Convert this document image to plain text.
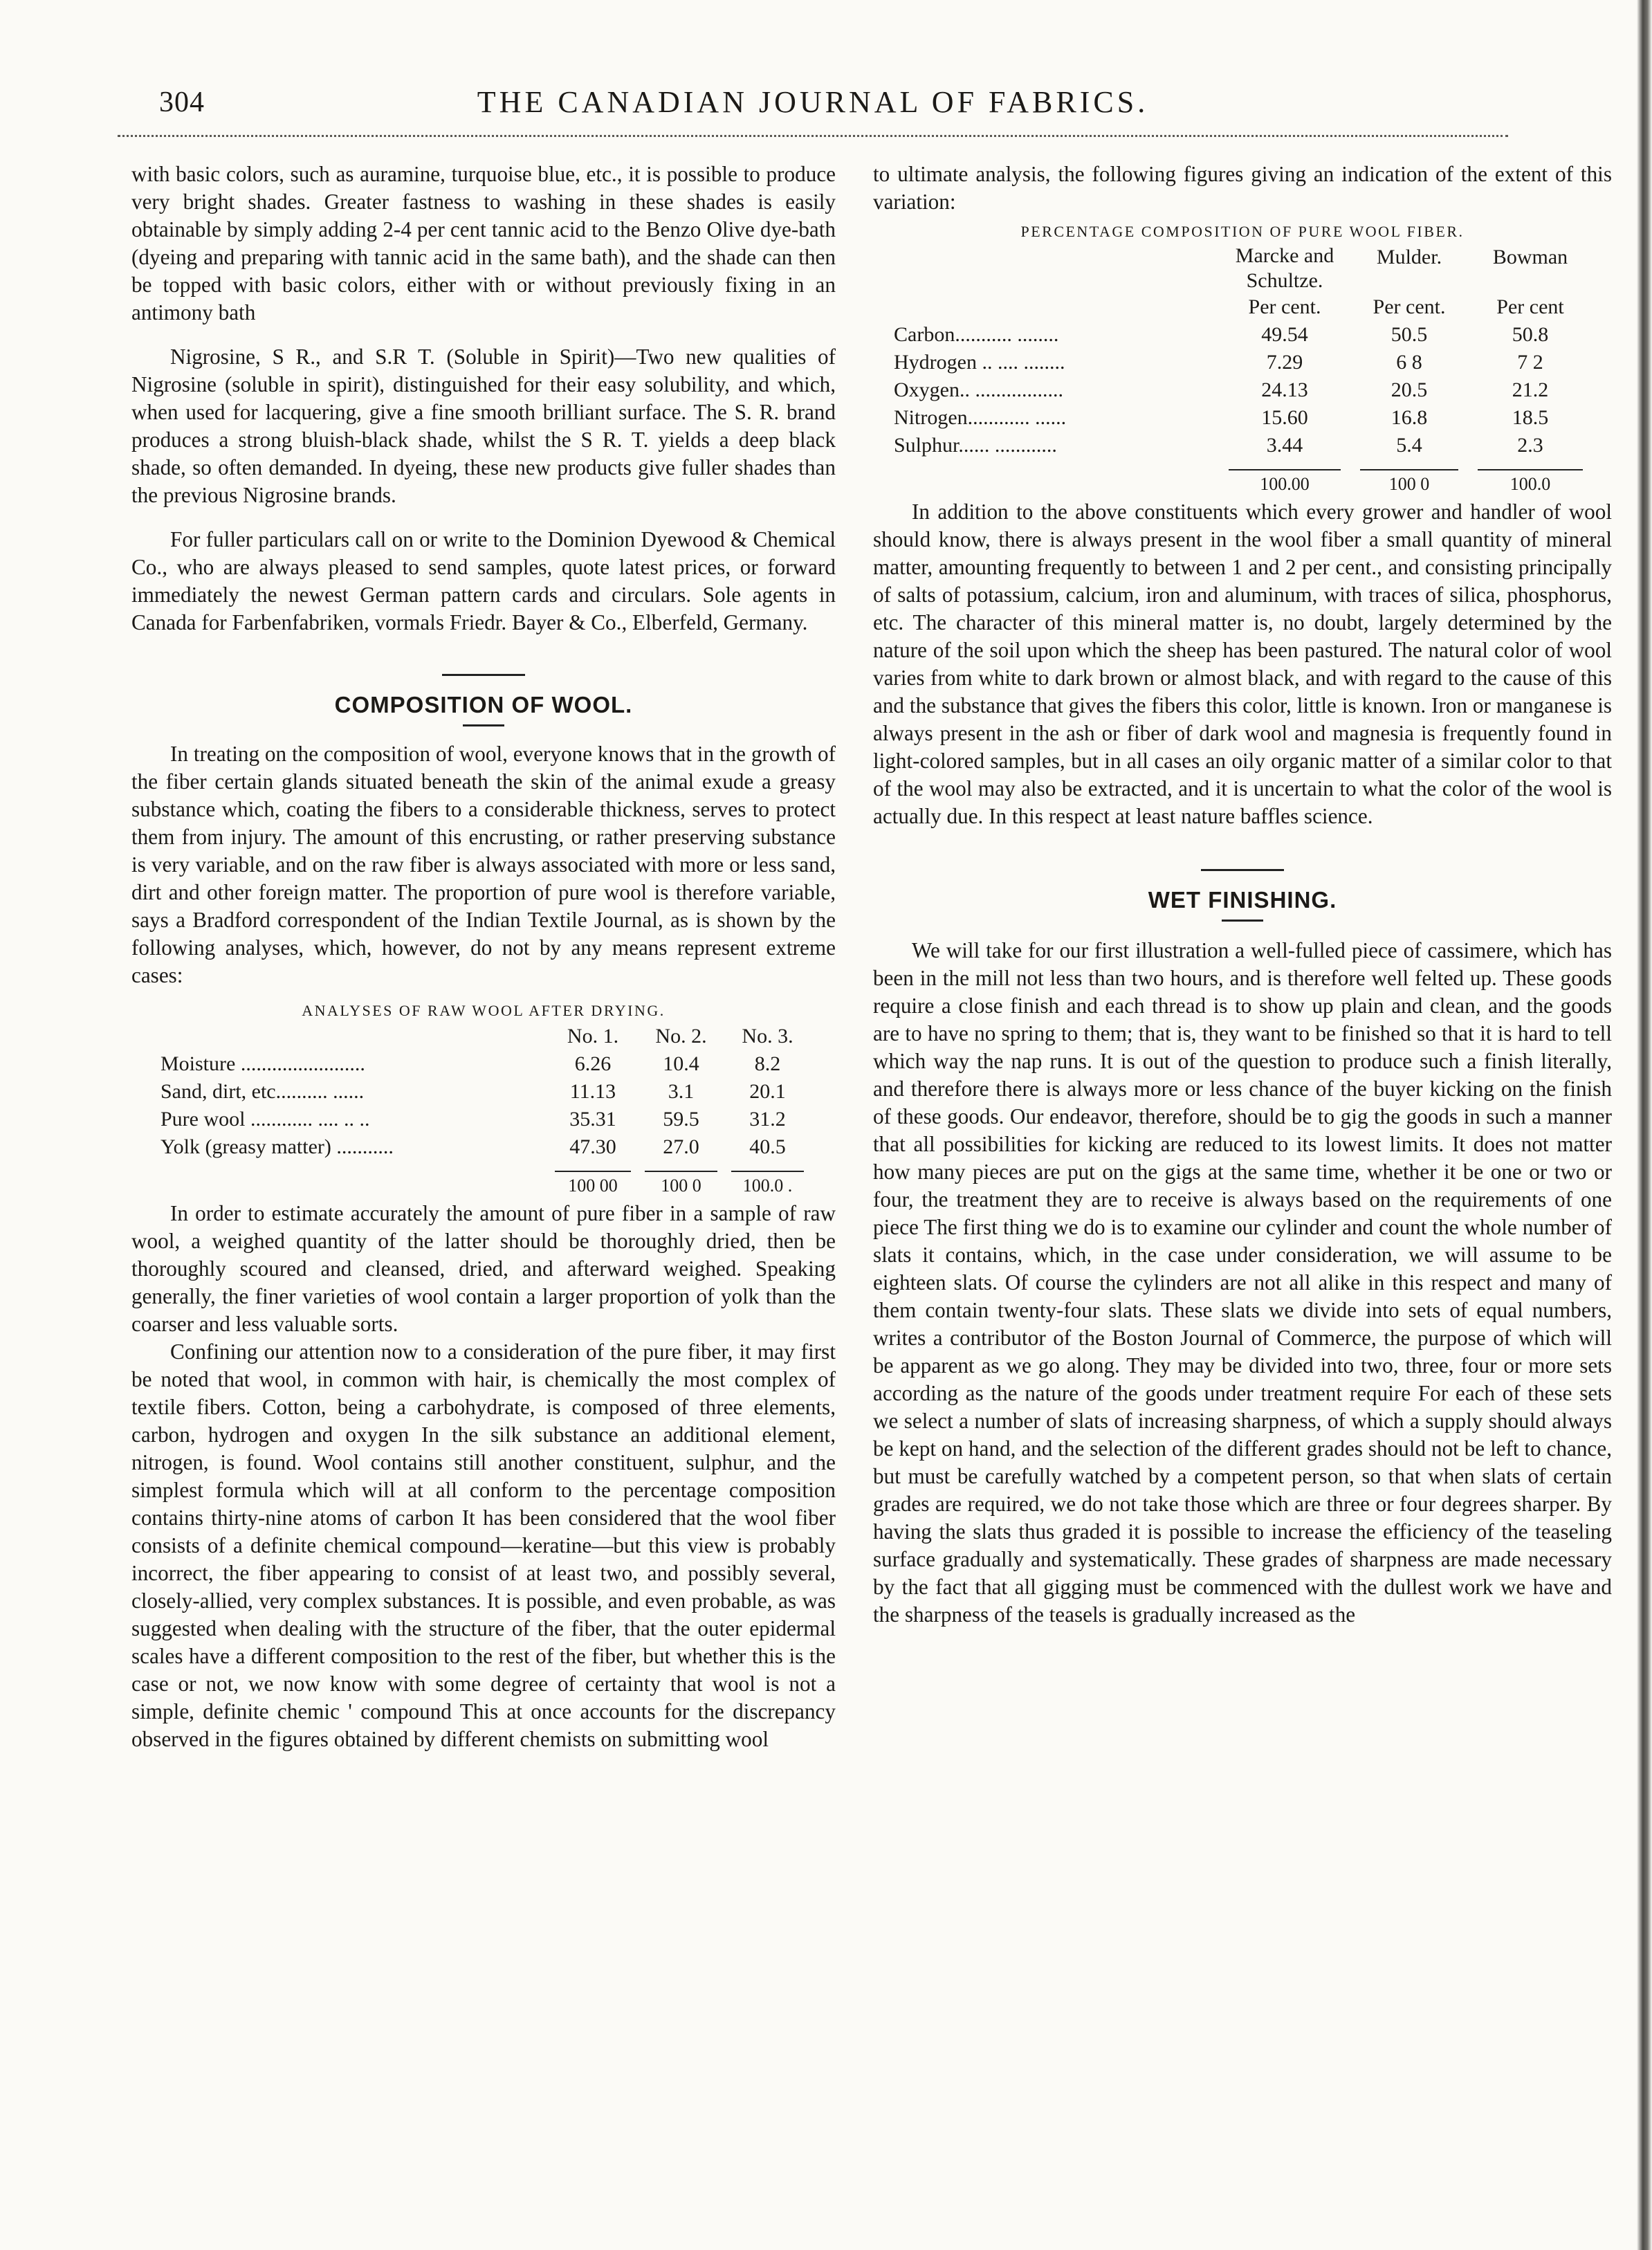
304	THE CANADIAN JOURNAL OF FABRICS.

with basic colors, such as auramine, turquoise blue, etc., it is possible to produce very bright shades. Greater fastness to washing in these shades is easily obtainable by simply adding 2-4 per cent tannic acid to the Benzo Olive dye-bath (dyeing and preparing with tannic acid in the same bath), and the shade can then be topped with basic colors, either with or without previously fixing in an antimony bath

Nigrosine, S R., and S.R T. (Soluble in Spirit)—Two new qualities of Nigrosine (soluble in spirit), distinguished for their easy solubility, and which, when used for lacquering, give a fine smooth brilliant surface. The S. R. brand produces a strong bluish-black shade, whilst the S R. T. yields a deep black shade, so often demanded. In dyeing, these new products give fuller shades than the previous Nigrosine brands.

For fuller particulars call on or write to the Dominion Dyewood & Chemical Co., who are always pleased to send samples, quote latest prices, or forward immediately the newest German pattern cards and circulars. Sole agents in Canada for Farbenfabriken, vormals Friedr. Bayer & Co., Elberfeld, Germany.

COMPOSITION OF WOOL.

In treating on the composition of wool, everyone knows that in the growth of the fiber certain glands situated beneath the skin of the animal exude a greasy substance which, coating the fibers to a considerable thickness, serves to protect them from injury. The amount of this encrusting, or rather preserving substance is very variable, and on the raw fiber is always associated with more or less sand, dirt and other foreign matter. The proportion of pure wool is therefore variable, says a Bradford correspondent of the Indian Textile Journal, as is shown by the following analyses, which, however, do not by any means represent extreme cases:

ANALYSES OF RAW WOOL AFTER DRYING.

	No. 1.	No. 2.	No. 3.
Moisture ........................	6.26	10.4	8.2
Sand, dirt, etc.......... ......	11.13	3.1	20.1
Pure wool ............ .... .. ..	35.31	59.5	31.2
Yolk (greasy matter) ...........	47.30	27.0	40.5

	100 00	100 0	100.0 .

In order to estimate accurately the amount of pure fiber in a sample of raw wool, a weighed quantity of the latter should be thoroughly dried, then be thoroughly scoured and cleansed, dried, and afterward weighed. Speaking generally, the finer varieties of wool contain a larger proportion of yolk than the coarser and less valuable sorts.

Confining our attention now to a consideration of the pure fiber, it may first be noted that wool, in common with hair, is chemically the most complex of textile fibers. Cotton, being a carbohydrate, is composed of three elements, carbon, hydrogen and oxygen In the silk substance an additional element, nitrogen, is found. Wool contains still another constituent, sulphur, and the simplest formula which will at all conform to the percentage composition contains thirty-nine atoms of carbon It has been considered that the wool fiber consists of a definite chemical compound—keratine—but this view is probably incorrect, the fiber appearing to consist of at least two, and possibly several, closely-allied, very complex substances. It is possible, and even probable, as was suggested when dealing with the structure of the fiber, that the outer epidermal scales have a different composition to the rest of the fiber, but whether this is the case or not, we now know with some degree of certainty that wool is not a simple, definite chemic ' compound This at once accounts for the discrepancy observed in the figures obtained by different chemists on submitting wool

to ultimate analysis, the following figures giving an indication of the extent of this variation:

PERCENTAGE COMPOSITION OF PURE WOOL FIBER.

	Marcke and Schultze.	Mulder.	Bowman
	Per cent.	Per cent.	Per cent
Carbon........... ........	49.54	50.5	50.8
Hydrogen .. .... ........	7.29	6 8	7 2
Oxygen.. .................	24.13	20.5	21.2
Nitrogen............ ......	15.60	16.8	18.5
Sulphur...... ............	3.44	5.4	2.3

	100.00	100 0	100.0

In addition to the above constituents which every grower and handler of wool should know, there is always present in the wool fiber a small quantity of mineral matter, amounting frequently to between 1 and 2 per cent., and consisting principally of salts of potassium, calcium, iron and aluminum, with traces of silica, phosphorus, etc. The character of this mineral matter is, no doubt, largely determined by the nature of the soil upon which the sheep has been pastured. The natural color of wool varies from white to dark brown or almost black, and with regard to the cause of this and the substance that gives the fibers this color, little is known. Iron or manganese is always present in the ash or fiber of dark wool and magnesia is frequently found in light-colored samples, but in all cases an oily organic matter of a similar color to that of the wool may also be extracted, and it is uncertain to what the color of the wool is actually due. In this respect at least nature baffles science.

WET FINISHING.

We will take for our first illustration a well-fulled piece of cassimere, which has been in the mill not less than two hours, and is therefore well felted up. These goods require a close finish and each thread is to show up plain and clean, and the goods are to have no spring to them; that is, they want to be finished so that it is hard to tell which way the nap runs. It is out of the question to produce such a finish literally, and therefore there is always more or less chance of the buyer kicking on the finish of these goods. Our endeavor, therefore, should be to gig the goods in such a manner that all possibilities for kicking are reduced to its lowest limits. It does not matter how many pieces are put on the gigs at the same time, whether it be one or two or four, the treatment they are to receive is always based on the requirements of one piece The first thing we do is to examine our cylinder and count the whole number of slats it contains, which, in the case under consideration, we will assume to be eighteen slats. Of course the cylinders are not all alike in this respect and many of them contain twenty-four slats. These slats we divide into sets of equal numbers, writes a contributor of the Boston Journal of Commerce, the purpose of which will be apparent as we go along. They may be divided into two, three, four or more sets according as the nature of the goods under treatment require For each of these sets we select a number of slats of increasing sharpness, of which a supply should always be kept on hand, and the selection of the different grades should not be left to chance, but must be carefully watched by a competent person, so that when slats of certain grades are required, we do not take those which are three or four degrees sharper. By having the slats thus graded it is possible to increase the efficiency of the teaseling surface gradually and systematically. These grades of sharpness are made necessary by the fact that all gigging must be commenced with the dullest work we have and the sharpness of the teasels is gradually increased as the
